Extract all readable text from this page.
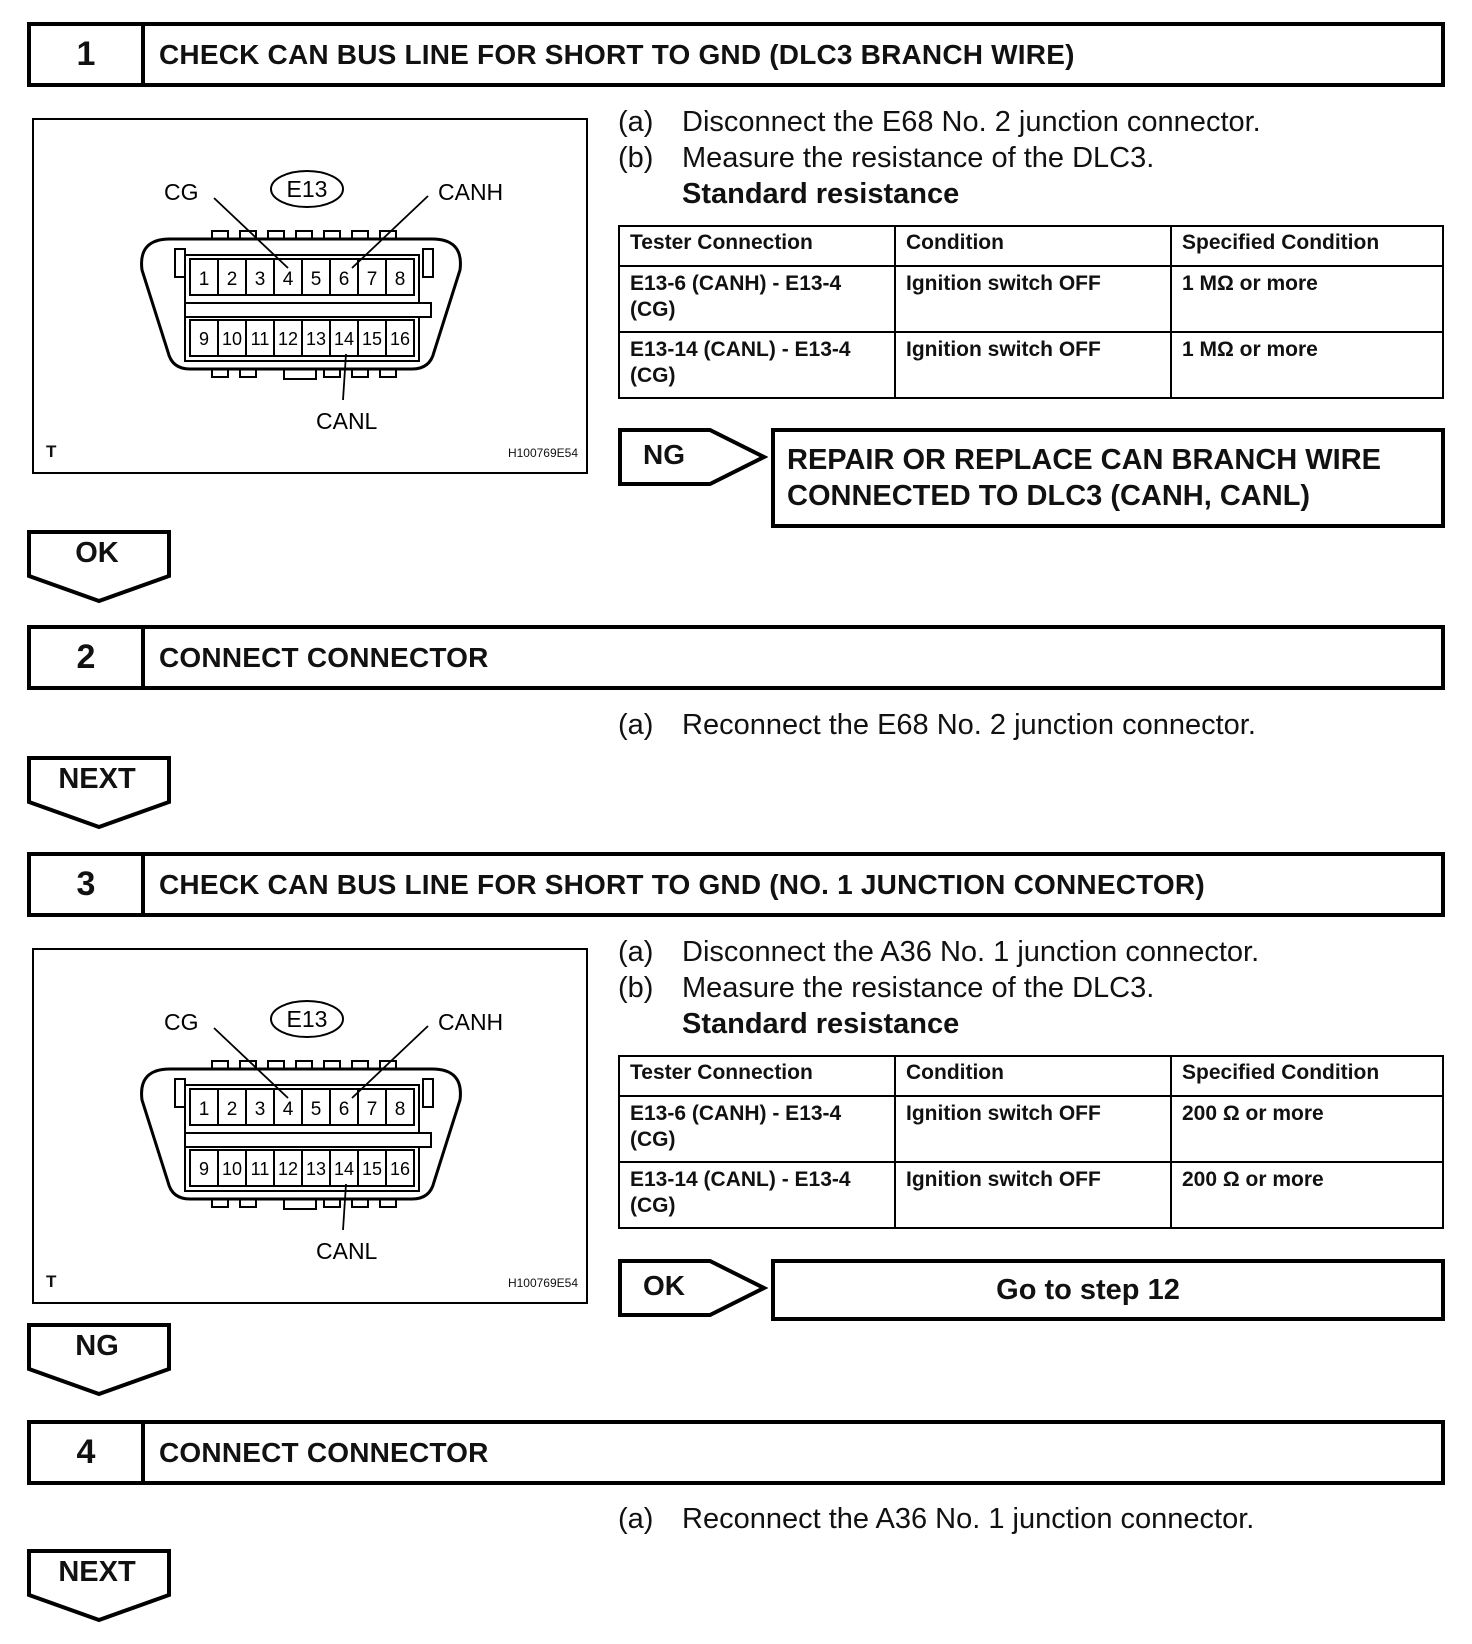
1	CHECK CAN BUS LINE FOR SHORT TO GND (DLC3 BRANCH WIRE)
1 2 3 4 5 6 7 8
9 10 11 12 13 14 15 16
E13
CG	CANH
CANL
T	H100769E54
(a) Disconnect the E68 No. 2 junction connector.
(b) Measure the resistance of the DLC3.
Standard resistance
Tester Connection	Condition	Specified Condition
E13-6 (CANH) - E13-4 (CG)	Ignition switch OFF	1 MΩ or more
E13-14 (CANL) - E13-4 (CG)	Ignition switch OFF	1 MΩ or more
NG	REPAIR OR REPLACE CAN BRANCH WIRE
CONNECTED TO DLC3 (CANH, CANL)
OK
2	CONNECT CONNECTOR
(a) Reconnect the E68 No. 2 junction connector.
NEXT
3	CHECK CAN BUS LINE FOR SHORT TO GND (NO. 1 JUNCTION CONNECTOR)
1 2 3 4 5 6 7 8
9 10 11 12 13 14 15 16
E13
CG	CANH
CANL
T	H100769E54
(a) Disconnect the A36 No. 1 junction connector.
(b) Measure the resistance of the DLC3.
Standard resistance
Tester Connection	Condition	Specified Condition
E13-6 (CANH) - E13-4 (CG)	Ignition switch OFF	200 Ω or more
E13-14 (CANL) - E13-4 (CG)	Ignition switch OFF	200 Ω or more
OK	Go to step 12
NG
4	CONNECT CONNECTOR
(a) Reconnect the A36 No. 1 junction connector.
NEXT
